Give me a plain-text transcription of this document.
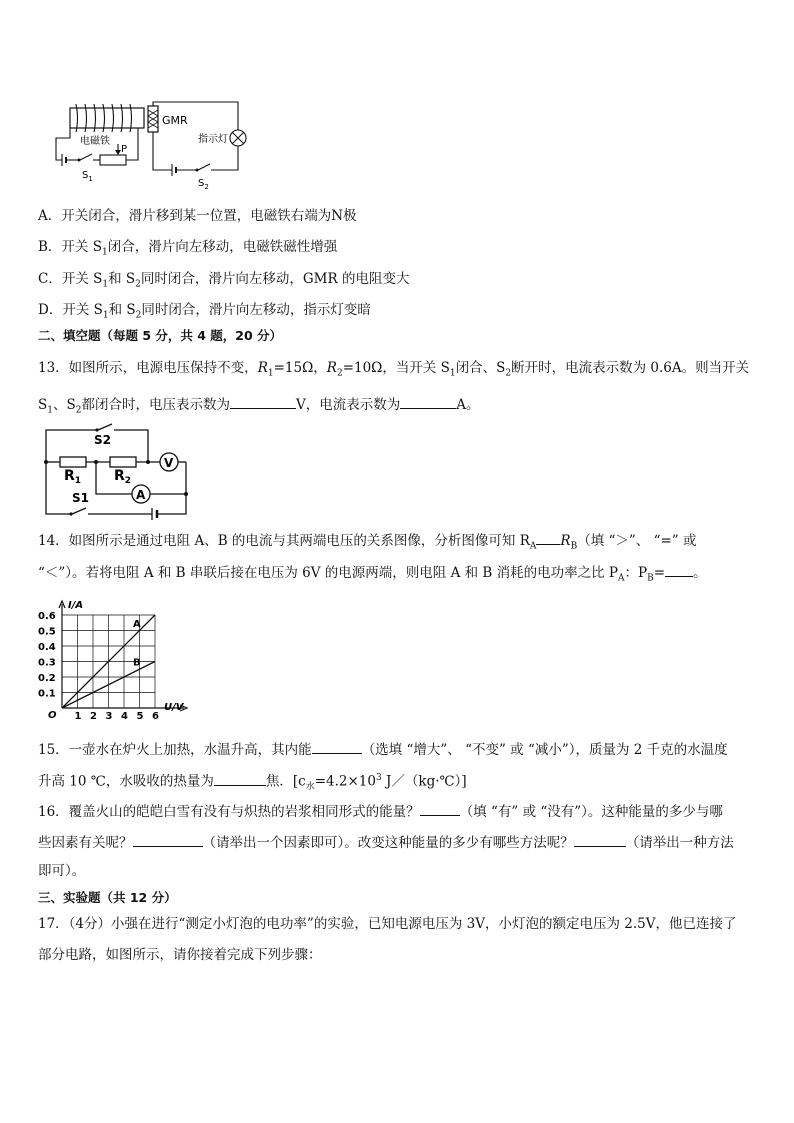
GMR
电磁铁
P
$S_1$
指示灯
$S_2$
A．开关闭合，滑片移到某一位置，电磁铁右端为N极
B．开关 $S_1$闭合，滑片向左移动，电磁铁磁性增强
C．开关 $S_1$和 $S_2$同时闭合，滑片向左移动，GMR 的电阻变大
D．开关 $S_1$和 $S_2$同时闭合，滑片向左移动，指示灯变暗
二、填空题（每题 5 分，共 4 题，20 分）
13．如图所示，电源电压保持不变，$R_1=15\Omega$，$R_2=10\Omega$，当开关 $S_1$闭合、$S_2$断开时，电流表示数为 0.6A。则当开关
$S_1$、$S_2$都闭合时，电压表示数为	V，电流表示数为	A。
S2
$R_1$ $R_2$
V
A
S1
14．如图所示是通过电阻 A、B 的电流与其两端电压的关系图像，分析图像可知 $R_A$ $R_B$（填 “＞”、 “=” 或
“＜”）。若将电阻 A 和 B 串联后接在电压为 6V 的电源两端，则电阻 A 和 B 消耗的电功率之比 $P_A$：$P_B=$ 。
A
B
1 2 3 4 5 6
0.1
0.2
0.3
0.4
0.5
0.6
O
I/A
U/V
15．一壶水在炉火上加热，水温升高，其内能	（选填 “增大”、 “不变” 或 “减小”），质量为 2 千克的水温度
升高 10 ℃，水吸收的热量为	焦．[$c_水=4.2\times 10^3$ J／（kg·℃）]
16．覆盖火山的皑皑白雪有没有与炽热的岩浆相同形式的能量？	（填 “有” 或 “没有”）。这种能量的多少与哪
些因素有关呢？	（请举出一个因素即可）。改变这种能量的多少有哪些方法呢？	（请举出一种方法
即可）。
三、实验题（共 12 分）
17．（4分）小强在进行“测定小灯泡的电功率”的实验，已知电源电压为 3V，小灯泡的额定电压为 2.5V，他已连接了
部分电路，如图所示，请你接着完成下列步骤：
